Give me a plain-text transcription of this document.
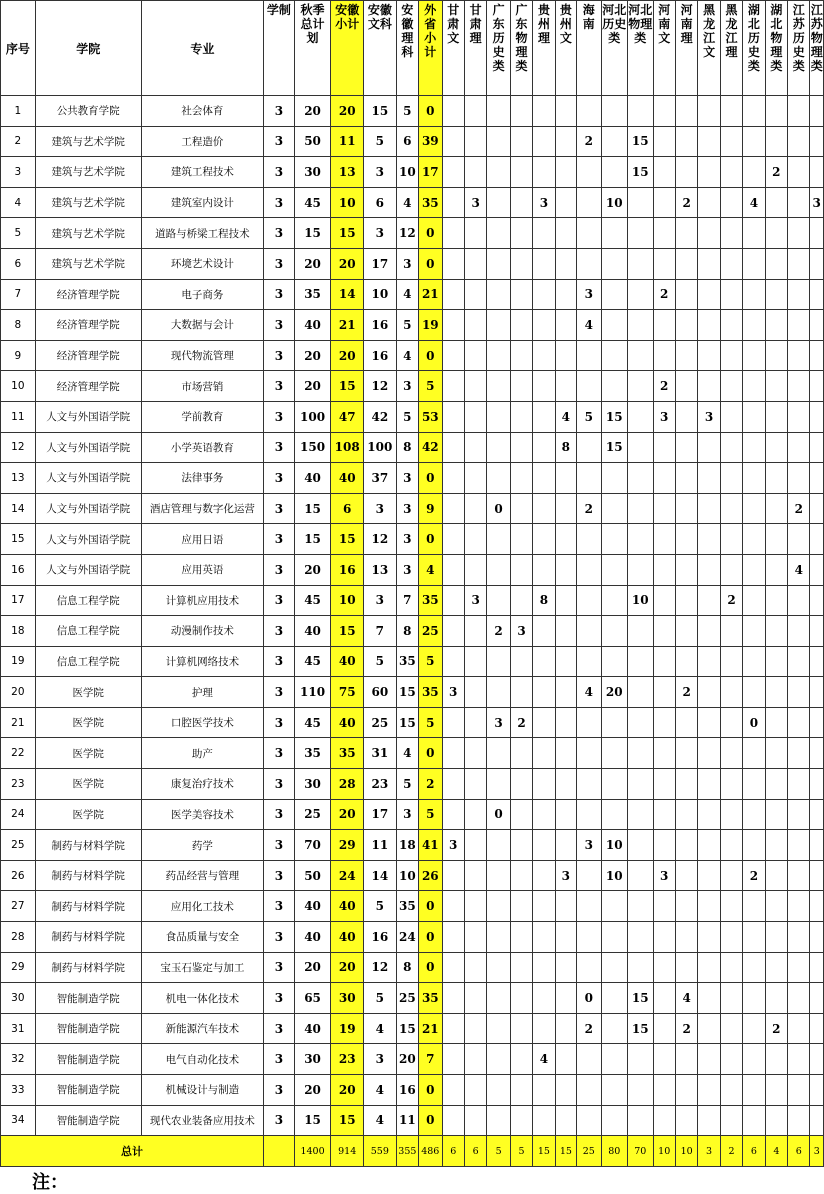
序号	学院	专业	学制	秋季总计划	安徽小计	安徽文科	安徽理科	外省小计	甘肃文	甘肃理	广东历史类	广东物理类	贵州理	贵州文	海南	河北历史类	河北物理类	河南文	河南理	黑龙江文	黑龙江理	湖北历史类	湖北物理类	江苏历史类	江苏物理类
1	公共教育学院	社会体育	3	20	20	15	5	0																	
2	建筑与艺术学院	工程造价	3	50	11	5	6	39							2		15								
3	建筑与艺术学院	建筑工程技术	3	30	13	3	10	17									15						2		
4	建筑与艺术学院	建筑室内设计	3	45	10	6	4	35		3			3			10			2			4			3
5	建筑与艺术学院	道路与桥梁工程技术	3	15	15	3	12	0																	
6	建筑与艺术学院	环境艺术设计	3	20	20	17	3	0																	
7	经济管理学院	电子商务	3	35	14	10	4	21							3			2							
8	经济管理学院	大数据与会计	3	40	21	16	5	19							4										
9	经济管理学院	现代物流管理	3	20	20	16	4	0																	
10	经济管理学院	市场营销	3	20	15	12	3	5										2							
11	人文与外国语学院	学前教育	3	100	47	42	5	53						4	5	15		3		3					
12	人文与外国语学院	小学英语教育	3	150	108	100	8	42						8		15									
13	人文与外国语学院	法律事务	3	40	40	37	3	0																	
14	人文与外国语学院	酒店管理与数字化运营	3	15	6	3	3	9			0				2									2	
15	人文与外国语学院	应用日语	3	15	15	12	3	0																	
16	人文与外国语学院	应用英语	3	20	16	13	3	4																4	
17	信息工程学院	计算机应用技术	3	45	10	3	7	35		3			8				10				2				
18	信息工程学院	动漫制作技术	3	40	15	7	8	25			2	3													
19	信息工程学院	计算机网络技术	3	45	40	5	35	5																	
20	医学院	护理	3	110	75	60	15	35	3						4	20			2						
21	医学院	口腔医学技术	3	45	40	25	15	5			3	2										0			
22	医学院	助产	3	35	35	31	4	0																	
23	医学院	康复治疗技术	3	30	28	23	5	2																	
24	医学院	医学美容技术	3	25	20	17	3	5			0														
25	制药与材料学院	药学	3	70	29	11	18	41	3						3	10									
26	制药与材料学院	药品经营与管理	3	50	24	14	10	26						3		10		3				2			
27	制药与材料学院	应用化工技术	3	40	40	5	35	0																	
28	制药与材料学院	食品质量与安全	3	40	40	16	24	0																	
29	制药与材料学院	宝玉石鉴定与加工	3	20	20	12	8	0																	
30	智能制造学院	机电一体化技术	3	65	30	5	25	35							0		15		4						
31	智能制造学院	新能源汽车技术	3	40	19	4	15	21							2		15		2				2		
32	智能制造学院	电气自动化技术	3	30	23	3	20	7					4												
33	智能制造学院	机械设计与制造	3	20	20	4	16	0																	
34	智能制造学院	现代农业装备应用技术	3	15	15	4	11	0																	
总计				1400	914	559	355	486	6	6	5	5	15	15	25	80	70	10	10	3	2	6	4	6	3
注：
